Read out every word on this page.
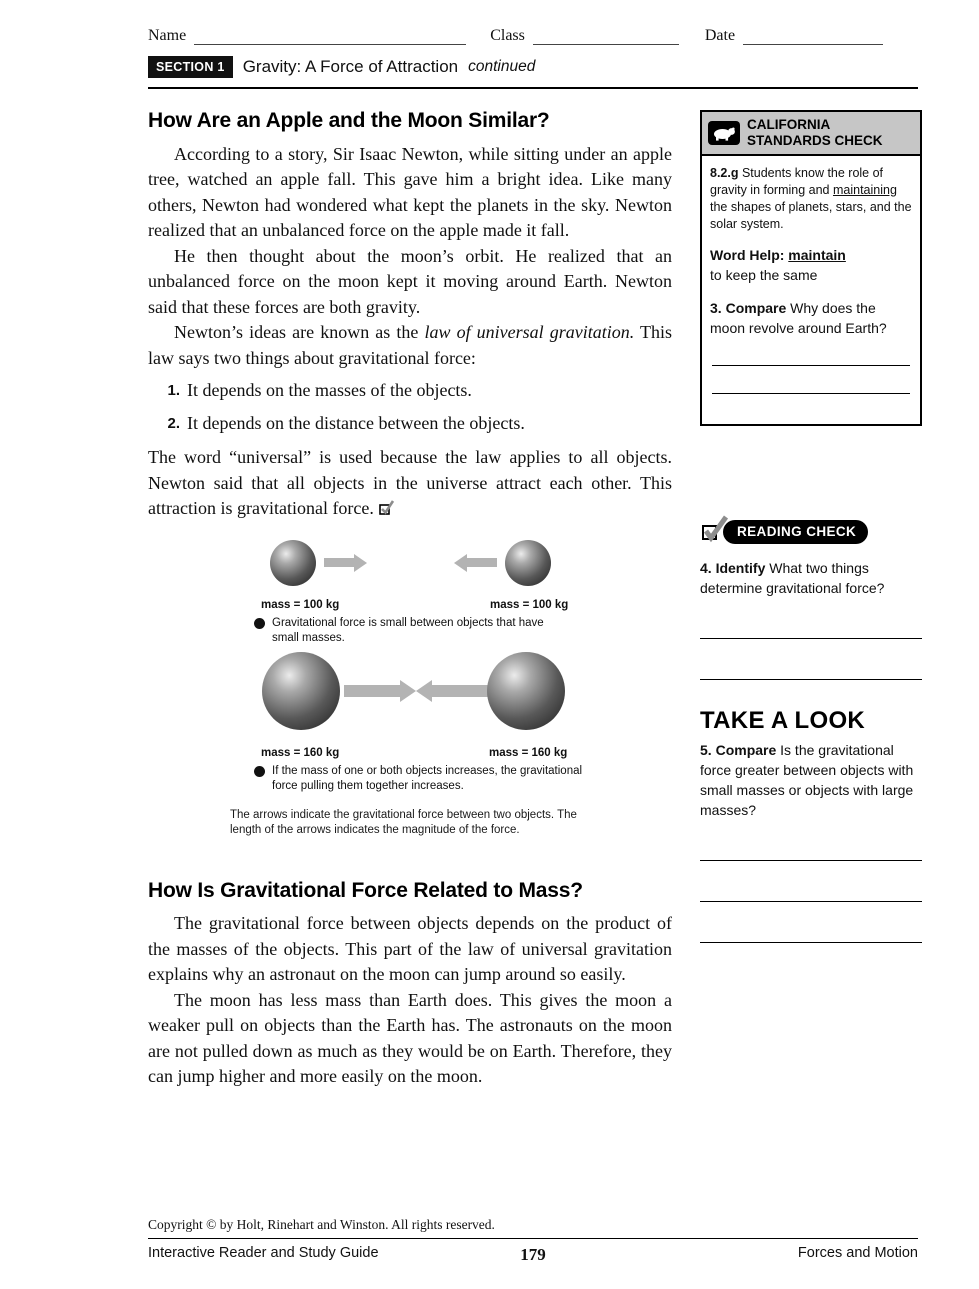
Name	Class	Date
SECTION 1	Gravity: A Force of Attraction continued
How Are an Apple and the Moon Similar?

According to a story, Sir Isaac Newton, while sitting under an apple tree, watched an apple fall. This gave him a bright idea. Like many others, Newton had wondered what kept the planets in the sky. Newton realized that an unbalanced force on the apple made it fall.

He then thought about the moon’s orbit. He realized that an unbalanced force on the moon kept it moving around Earth. Newton said that these forces are both gravity.

Newton’s ideas are known as the law of universal gravitation. This law says two things about gravitational force:

1. It depends on the masses of the objects.
2. It depends on the distance between the objects.

The word “universal” is used because the law applies to all objects. Newton said that all objects in the universe attract each other. This attraction is gravitational force.

mass = 100 kg	mass = 100 kg
Gravitational force is small between objects that have small masses.
mass = 160 kg	mass = 160 kg
If the mass of one or both objects increases, the gravitational force pulling them together increases.
The arrows indicate the gravitational force between two objects. The length of the arrows indicates the magnitude of the force.
How Is Gravitational Force Related to Mass?

The gravitational force between objects depends on the product of the masses of the objects. This part of the law of universal gravitation explains why an astronaut on the moon can jump around so easily.

The moon has less mass than Earth does. This gives the moon a weaker pull on objects than the Earth has. The astronauts on the moon are not pulled down as much as they would be on Earth. Therefore, they can jump higher and more easily on the moon.

CALIFORNIA
STANDARDS CHECK
8.2.g Students know the role of gravity in forming and maintaining the shapes of planets, stars, and the solar system.
Word Help: maintain
to keep the same
3. Compare Why does the moon revolve around Earth?
READING CHECK
4. Identify What two things determine gravitational force?
TAKE A LOOK
5. Compare Is the gravitational force greater between objects with small masses or objects with large masses?
Copyright © by Holt, Rinehart and Winston. All rights reserved.
Interactive Reader and Study Guide	179	Forces and Motion
